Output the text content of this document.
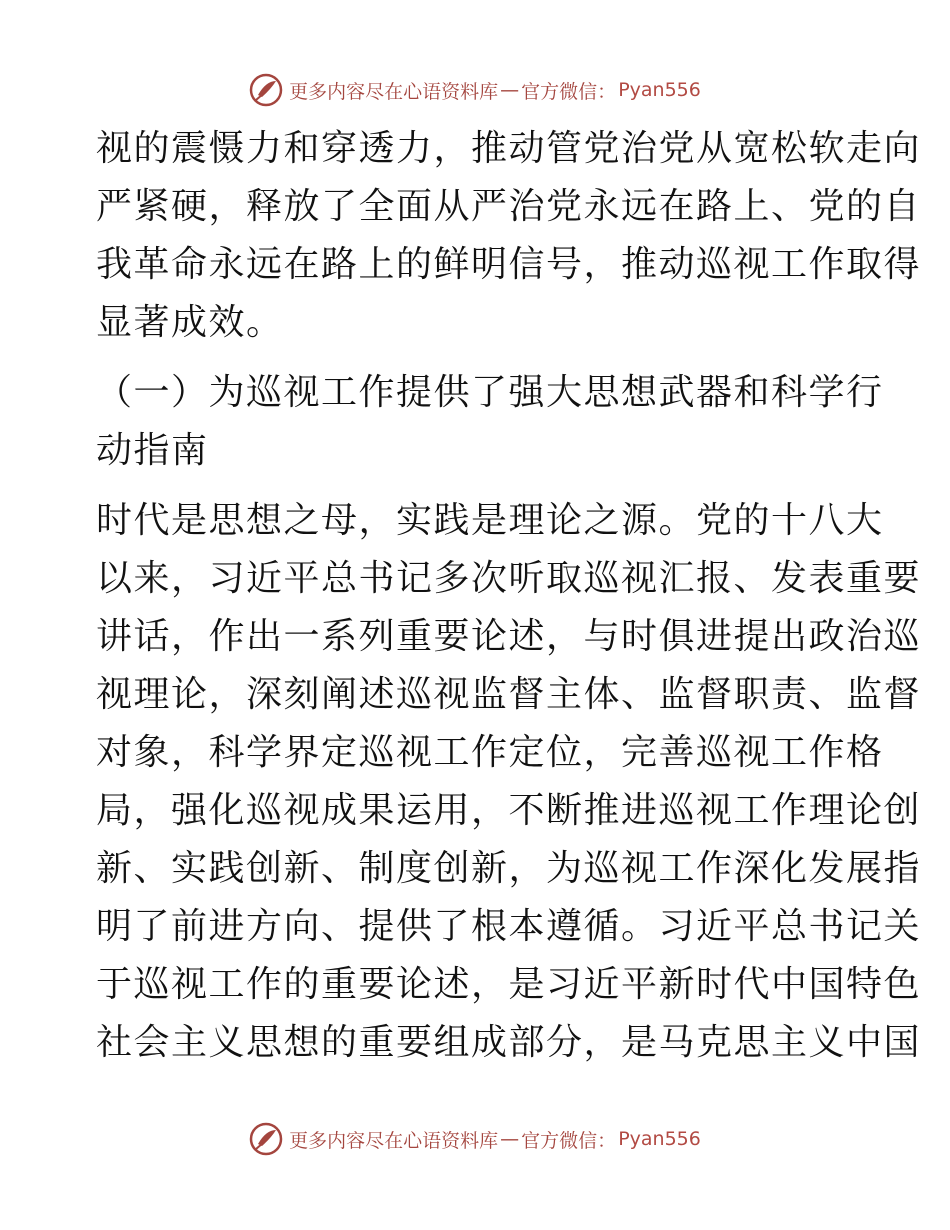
更多内容尽在心语资料库 — 官方微信： Pyan556
视的震慑力和穿透力，推动管党治党从宽松软走向
严紧硬，释放了全面从严治党永远在路上、党的自
我革命永远在路上的鲜明信号，推动巡视工作取得
显著成效。
（一）为巡视工作提供了强大思想武器和科学行
动指南
时代是思想之母，实践是理论之源。党的十八大
以来，习近平总书记多次听取巡视汇报、发表重要
讲话，作出一系列重要论述，与时俱进提出政治巡
视理论，深刻阐述巡视监督主体、监督职责、监督
对象，科学界定巡视工作定位，完善巡视工作格
局，强化巡视成果运用，不断推进巡视工作理论创
新、实践创新、制度创新，为巡视工作深化发展指
明了前进方向、提供了根本遵循。习近平总书记关
于巡视工作的重要论述，是习近平新时代中国特色
社会主义思想的重要组成部分，是马克思主义中国
更多内容尽在心语资料库 — 官方微信： Pyan556
